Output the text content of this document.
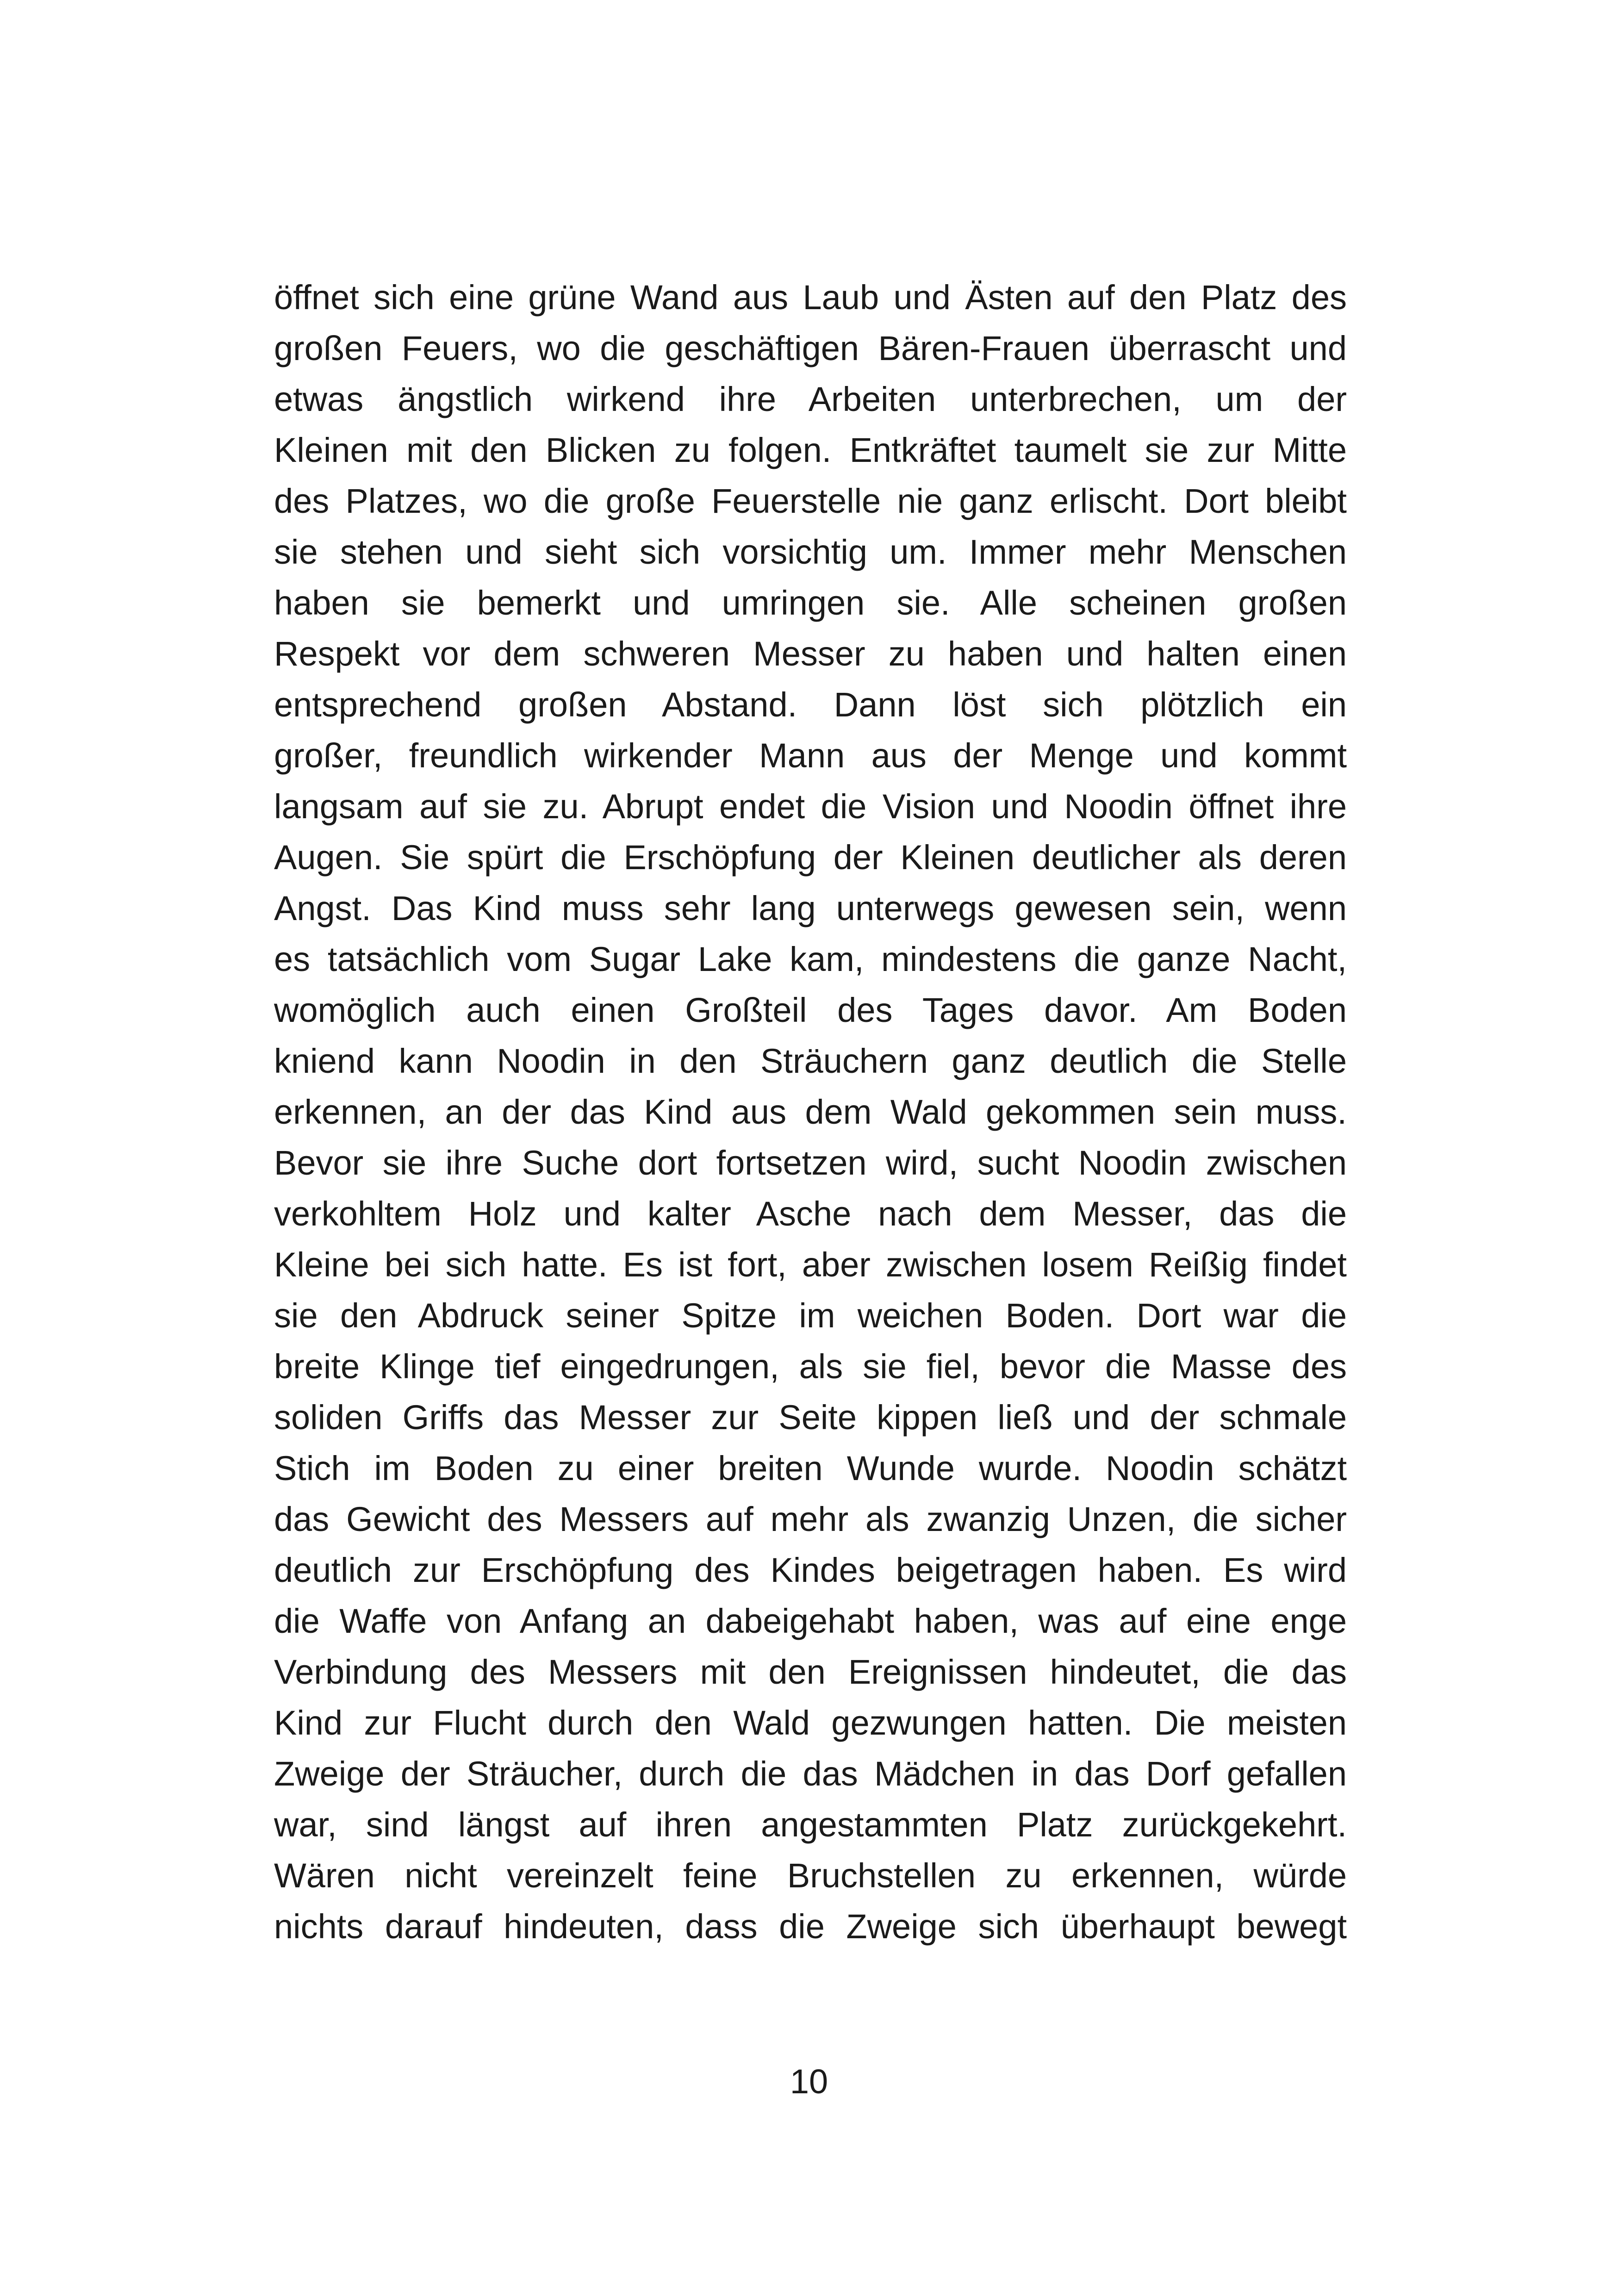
öffnet sich eine grüne Wand aus Laub und Ästen auf den Platz des
großen Feuers, wo die geschäftigen Bären-Frauen überrascht und
etwas ängstlich wirkend ihre Arbeiten unterbrechen, um der
Kleinen mit den Blicken zu folgen. Entkräftet taumelt sie zur Mitte
des Platzes, wo die große Feuerstelle nie ganz erlischt. Dort bleibt
sie stehen und sieht sich vorsichtig um. Immer mehr Menschen
haben sie bemerkt und umringen sie. Alle scheinen großen
Respekt vor dem schweren Messer zu haben und halten einen
entsprechend großen Abstand. Dann löst sich plötzlich ein
großer, freundlich wirkender Mann aus der Menge und kommt
langsam auf sie zu. Abrupt endet die Vision und Noodin öffnet ihre
Augen. Sie spürt die Erschöpfung der Kleinen deutlicher als deren
Angst. Das Kind muss sehr lang unterwegs gewesen sein, wenn
es tatsächlich vom Sugar Lake kam, mindestens die ganze Nacht,
womöglich auch einen Großteil des Tages davor. Am Boden
kniend kann Noodin in den Sträuchern ganz deutlich die Stelle
erkennen, an der das Kind aus dem Wald gekommen sein muss.
Bevor sie ihre Suche dort fortsetzen wird, sucht Noodin zwischen
verkohltem Holz und kalter Asche nach dem Messer, das die
Kleine bei sich hatte. Es ist fort, aber zwischen losem Reißig findet
sie den Abdruck seiner Spitze im weichen Boden. Dort war die
breite Klinge tief eingedrungen, als sie fiel, bevor die Masse des
soliden Griffs das Messer zur Seite kippen ließ und der schmale
Stich im Boden zu einer breiten Wunde wurde. Noodin schätzt
das Gewicht des Messers auf mehr als zwanzig Unzen, die sicher
deutlich zur Erschöpfung des Kindes beigetragen haben. Es wird
die Waffe von Anfang an dabeigehabt haben, was auf eine enge
Verbindung des Messers mit den Ereignissen hindeutet, die das
Kind zur Flucht durch den Wald gezwungen hatten. Die meisten
Zweige der Sträucher, durch die das Mädchen in das Dorf gefallen
war, sind längst auf ihren angestammten Platz zurückgekehrt.
Wären nicht vereinzelt feine Bruchstellen zu erkennen, würde
nichts darauf hindeuten, dass die Zweige sich überhaupt bewegt
10
